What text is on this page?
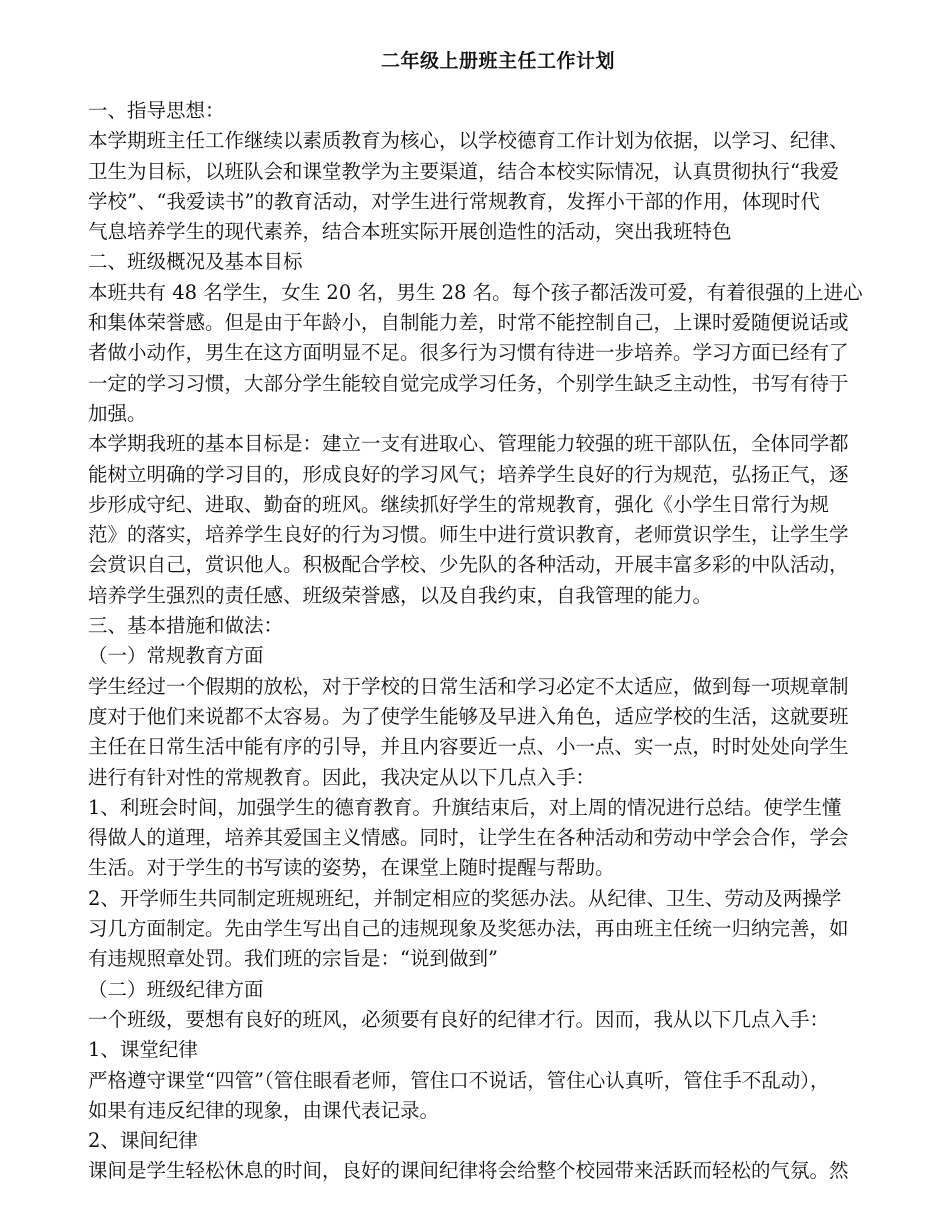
二年级上册班主任工作计划
一、指导思想：
本学期班主任工作继续以素质教育为核心，以学校德育工作计划为依据，以学习、纪律、
卫生为目标，以班队会和课堂教学为主要渠道，结合本校实际情况，认真贯彻执行“我爱
学校”、“我爱读书”的教育活动，对学生进行常规教育，发挥小干部的作用，体现时代
气息培养学生的现代素养，结合本班实际开展创造性的活动，突出我班特色
二、班级概况及基本目标
本班共有 48 名学生，女生 20 名，男生 28 名。每个孩子都活泼可爱，有着很强的上进心
和集体荣誉感。但是由于年龄小，自制能力差，时常不能控制自己，上课时爱随便说话或
者做小动作，男生在这方面明显不足。很多行为习惯有待进一步培养。学习方面已经有了
一定的学习习惯，大部分学生能较自觉完成学习任务，个别学生缺乏主动性，书写有待于
加强。
本学期我班的基本目标是：建立一支有进取心、管理能力较强的班干部队伍，全体同学都
能树立明确的学习目的，形成良好的学习风气；培养学生良好的行为规范，弘扬正气，逐
步形成守纪、进取、勤奋的班风。继续抓好学生的常规教育，强化《小学生日常行为规
范》的落实，培养学生良好的行为习惯。师生中进行赏识教育，老师赏识学生，让学生学
会赏识自己，赏识他人。积极配合学校、少先队的各种活动，开展丰富多彩的中队活动，
培养学生强烈的责任感、班级荣誉感，以及自我约束，自我管理的能力。
三、基本措施和做法：
（一）常规教育方面
学生经过一个假期的放松，对于学校的日常生活和学习必定不太适应，做到每一项规章制
度对于他们来说都不太容易。为了使学生能够及早进入角色，适应学校的生活，这就要班
主任在日常生活中能有序的引导，并且内容要近一点、小一点、实一点，时时处处向学生
进行有针对性的常规教育。因此，我决定从以下几点入手：
1、利班会时间，加强学生的德育教育。升旗结束后，对上周的情况进行总结。使学生懂
得做人的道理，培养其爱国主义情感。同时，让学生在各种活动和劳动中学会合作，学会
生活。对于学生的书写读的姿势，在课堂上随时提醒与帮助。
2、开学师生共同制定班规班纪，并制定相应的奖惩办法。从纪律、卫生、劳动及两操学
习几方面制定。先由学生写出自己的违规现象及奖惩办法，再由班主任统一归纳完善，如
有违规照章处罚。我们班的宗旨是：“说到做到”
（二）班级纪律方面
一个班级，要想有良好的班风，必须要有良好的纪律才行。因而，我从以下几点入手：
1、课堂纪律
严格遵守课堂“四管”（管住眼看老师，管住口不说话，管住心认真听，管住手不乱动），
如果有违反纪律的现象，由课代表记录。
2、课间纪律
课间是学生轻松休息的时间，良好的课间纪律将会给整个校园带来活跃而轻松的气氛。然
